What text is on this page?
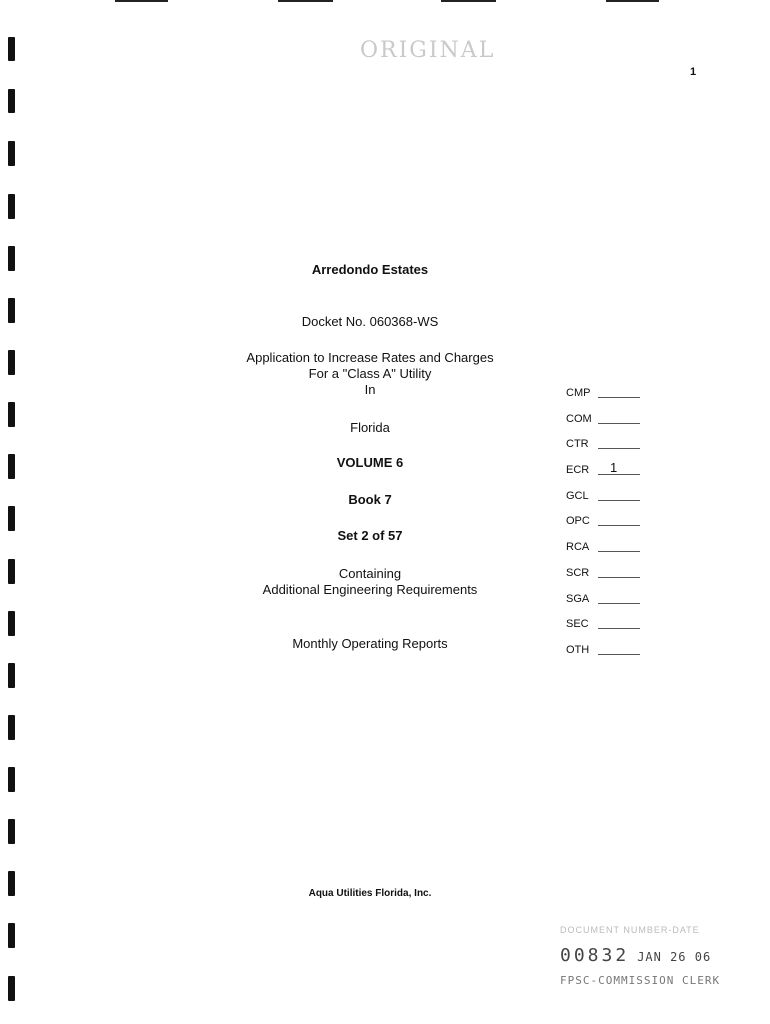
ORIGINAL
1
Arredondo Estates
Docket No. 060368-WS
Application to Increase Rates and Charges
For a "Class A" Utility
In
Florida
VOLUME 6
Book 7
Set 2 of 57
Containing
Additional Engineering Requirements
Monthly Operating Reports
CMP
COM
CTR
ECR 1
GCL
OPC
RCA
SCR
SGA
SEC
OTH
Aqua Utilities Florida, Inc.
DOCUMENT NUMBER-DATE
00832 JAN 26 06
FPSC-COMMISSION CLERK
